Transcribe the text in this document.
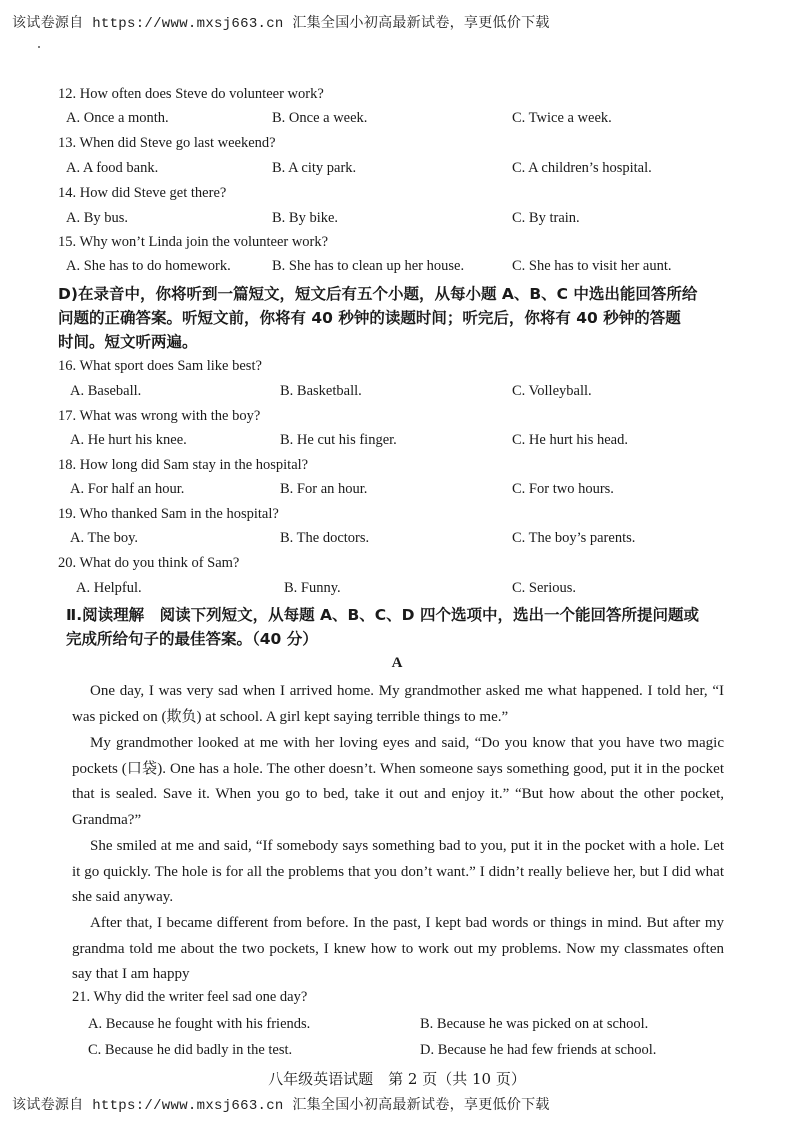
该试卷源自 https://www.mxsj663.cn 汇集全国小初高最新试卷，享更低价下载
12. How often does Steve do volunteer work?
A. Once a month.	B. Once a week.	C. Twice a week.
13. When did Steve go last weekend?
A. A food bank.	B. A city park.	C. A children’s hospital.
14. How did Steve get there?
A. By bus.	B. By bike.	C. By train.
15. Why won’t Linda join the volunteer work?
A. She has to do homework.	B. She has to clean up her house.	C. She has to visit her aunt.
D)在录音中，你将听到一篇短文，短文后有五个小题，从每小题 A、B、C 中选出能回答所给
问题的正确答案。听短文前，你将有 40 秒钟的读题时间；听完后，你将有 40 秒钟的答题
时间。短文听两遍。
16. What sport does Sam like best?
A. Baseball.	B. Basketball.	C. Volleyball.
17. What was wrong with the boy?
A. He hurt his knee.	B. He cut his finger.	C. He hurt his head.
18. How long did Sam stay in the hospital?
A. For half an hour.	B. For an hour.	C. For two hours.
19. Who thanked Sam in the hospital?
A. The boy.	B. The doctors.	C. The boy’s parents.
20. What do you think of Sam?
A. Helpful.	B. Funny.	C. Serious.
Ⅱ.阅读理解　阅读下列短文，从每题 A、B、C、D 四个选项中，选出一个能回答所提问题或
完成所给句子的最佳答案。（40 分）
A
One day, I was very sad when I arrived home. My grandmother asked me what happened. I told her, “I was picked on (欺负) at school. A girl kept saying terrible things to me.”
My grandmother looked at me with her loving eyes and said, “Do you know that you have two magic pockets (口袋). One has a hole. The other doesn’t. When someone says something good, put it in the pocket that is sealed. Save it. When you go to bed, take it out and enjoy it.” “But how about the other pocket, Grandma?”
She smiled at me and said, “If somebody says something bad to you, put it in the pocket with a hole. Let it go quickly. The hole is for all the problems that you don’t want.” I didn’t really believe her, but I did what she said anyway.
After that, I became different from before. In the past, I kept bad words or things in mind. But after my grandma told me about the two pockets, I knew how to work out my problems. Now my classmates often say that I am happy
21. Why did the writer feel sad one day?
A. Because he fought with his friends.	B. Because he was picked on at school.
C. Because he did badly in the test.	D. Because he had few friends at school.
八年级英语试题　第 2 页（共 10 页）
该试卷源自 https://www.mxsj663.cn 汇集全国小初高最新试卷，享更低价下载
